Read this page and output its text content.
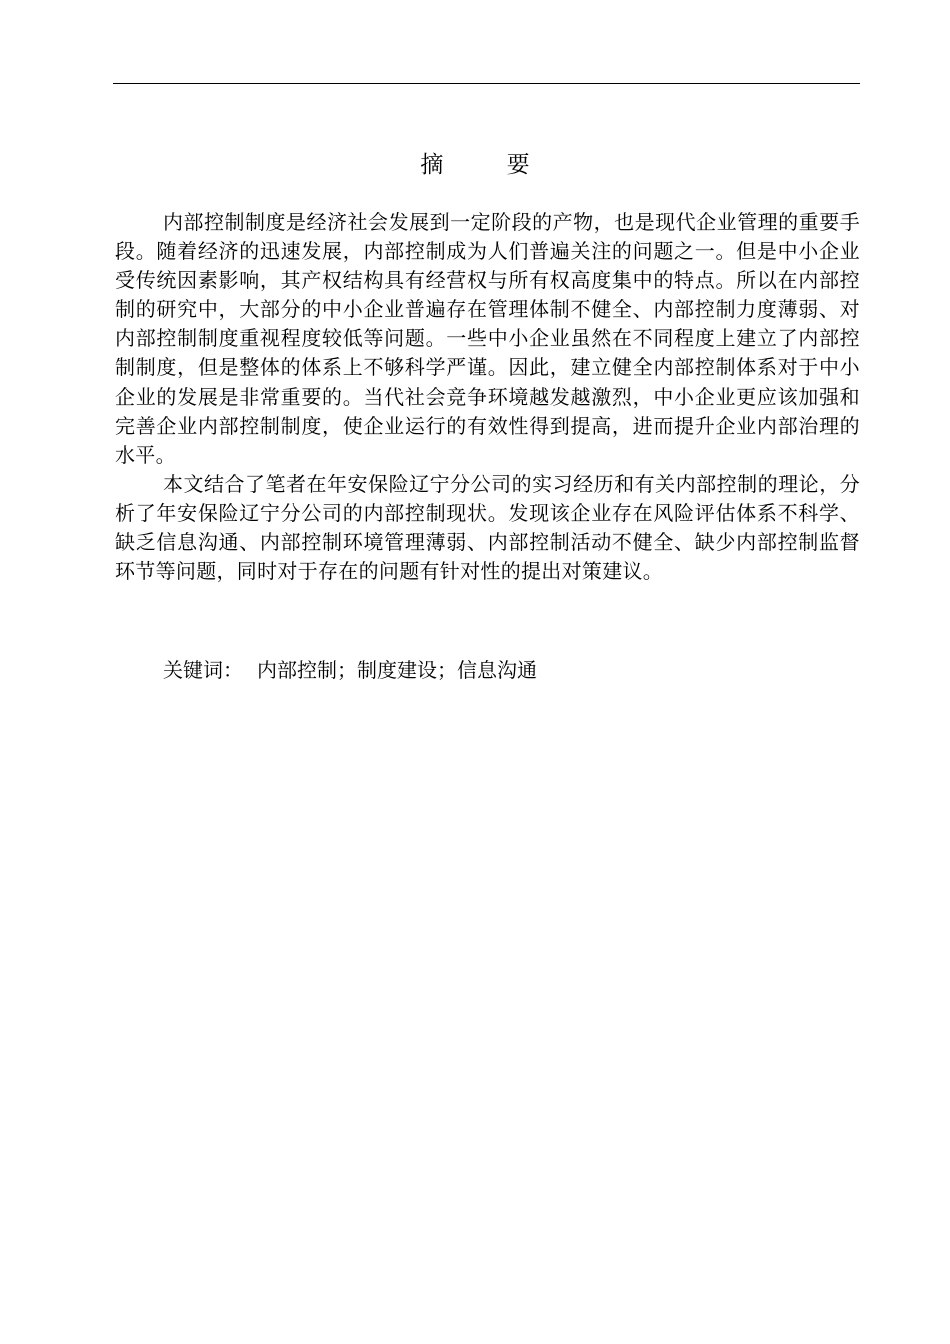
摘 要

内部控制制度是经济社会发展到一定阶段的产物，也是现代企业管理的重要手段。随着经济的迅速发展，内部控制成为人们普遍关注的问题之一。但是中小企业受传统因素影响，其产权结构具有经营权与所有权高度集中的特点。所以在内部控制的研究中，大部分的中小企业普遍存在管理体制不健全、内部控制力度薄弱、对内部控制制度重视程度较低等问题。一些中小企业虽然在不同程度上建立了内部控制制度，但是整体的体系上不够科学严谨。因此，建立健全内部控制体系对于中小企业的发展是非常重要的。当代社会竞争环境越发越激烈，中小企业更应该加强和完善企业内部控制制度，使企业运行的有效性得到提高，进而提升企业内部治理的水平。

本文结合了笔者在年安保险辽宁分公司的实习经历和有关内部控制的理论，分析了年安保险辽宁分公司的内部控制现状。发现该企业存在风险评估体系不科学、缺乏信息沟通、内部控制环境管理薄弱、内部控制活动不健全、缺少内部控制监督环节等问题，同时对于存在的问题有针对性的提出对策建议。

关键词： 内部控制；制度建设；信息沟通
